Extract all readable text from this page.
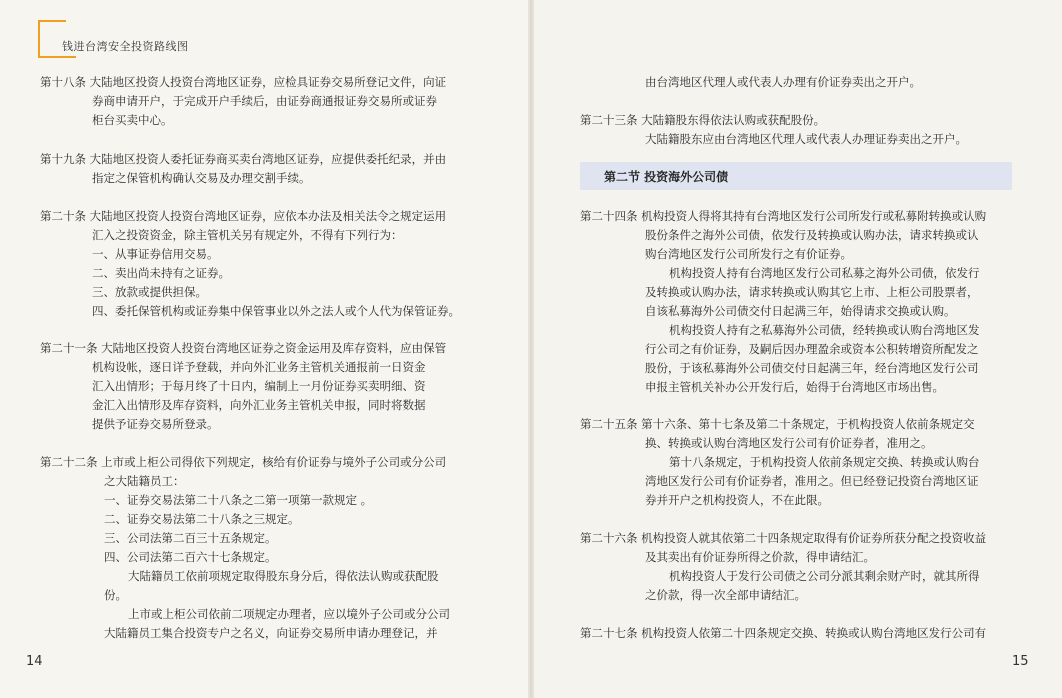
钱进台湾安全投资路线图
第十八条 大陆地区投资人投资台湾地区证券，应检具证券交易所登记文件，向证
券商申请开户，于完成开户手续后，由证券商通报证券交易所或证券
柜台买卖中心。
第十九条 大陆地区投资人委托证券商买卖台湾地区证券，应提供委托纪录，并由
指定之保管机构确认交易及办理交割手续。
第二十条 大陆地区投资人投资台湾地区证券，应依本办法及相关法令之规定运用
汇入之投资资金，除主管机关另有规定外，不得有下列行为：
一、从事证券信用交易。
二、卖出尚未持有之证券。
三、放款或提供担保。
四、委托保管机构或证券集中保管事业以外之法人或个人代为保管证券。
第二十一条 大陆地区投资人投资台湾地区证券之资金运用及库存资料，应由保管
机构设帐，逐日详予登载，并向外汇业务主管机关通报前一日资金
汇入出情形；于每月终了十日内，编制上一月份证券买卖明细、资
金汇入出情形及库存资料，向外汇业务主管机关申报，同时将数据
提供予证券交易所登录。
第二十二条 上市或上柜公司得依下列规定，核给有价证券与境外子公司或分公司
之大陆籍员工：
一、证券交易法第二十八条之二第一项第一款规定 。
二、证券交易法第二十八条之三规定。
三、公司法第二百三十五条规定。
四、公司法第二百六十七条规定。
大陆籍员工依前项规定取得股东身分后，得依法认购或获配股
份。
上市或上柜公司依前二项规定办理者，应以境外子公司或分公司
大陆籍员工集合投资专户之名义，向证券交易所申请办理登记，并
14
由台湾地区代理人或代表人办理有价证券卖出之开户。
第二十三条 大陆籍股东得依法认购或获配股份。
大陆籍股东应由台湾地区代理人或代表人办理证券卖出之开户。
第二节 投资海外公司债
第二十四条 机构投资人得将其持有台湾地区发行公司所发行或私募附转换或认购
股份条件之海外公司债，依发行及转换或认购办法，请求转换或认
购台湾地区发行公司所发行之有价证券。
机构投资人持有台湾地区发行公司私募之海外公司债，依发行
及转换或认购办法，请求转换或认购其它上市、上柜公司股票者，
自该私募海外公司债交付日起满三年，始得请求交换或认购。
机构投资人持有之私募海外公司债，经转换或认购台湾地区发
行公司之有价证券，及嗣后因办理盈余或资本公积转增资所配发之
股份，于该私募海外公司债交付日起满三年，经台湾地区发行公司
申报主管机关补办公开发行后，始得于台湾地区市场出售。
第二十五条 第十六条、第十七条及第二十条规定，于机构投资人依前条规定交
换、转换或认购台湾地区发行公司有价证券者，准用之。
第十八条规定，于机构投资人依前条规定交换、转换或认购台
湾地区发行公司有价证券者，准用之。但已经登记投资台湾地区证
券并开户之机构投资人，不在此限。
第二十六条 机构投资人就其依第二十四条规定取得有价证券所获分配之投资收益
及其卖出有价证券所得之价款，得申请结汇。
机构投资人于发行公司债之公司分派其剩余财产时，就其所得
之价款，得一次全部申请结汇。
第二十七条 机构投资人依第二十四条规定交换、转换或认购台湾地区发行公司有
15
